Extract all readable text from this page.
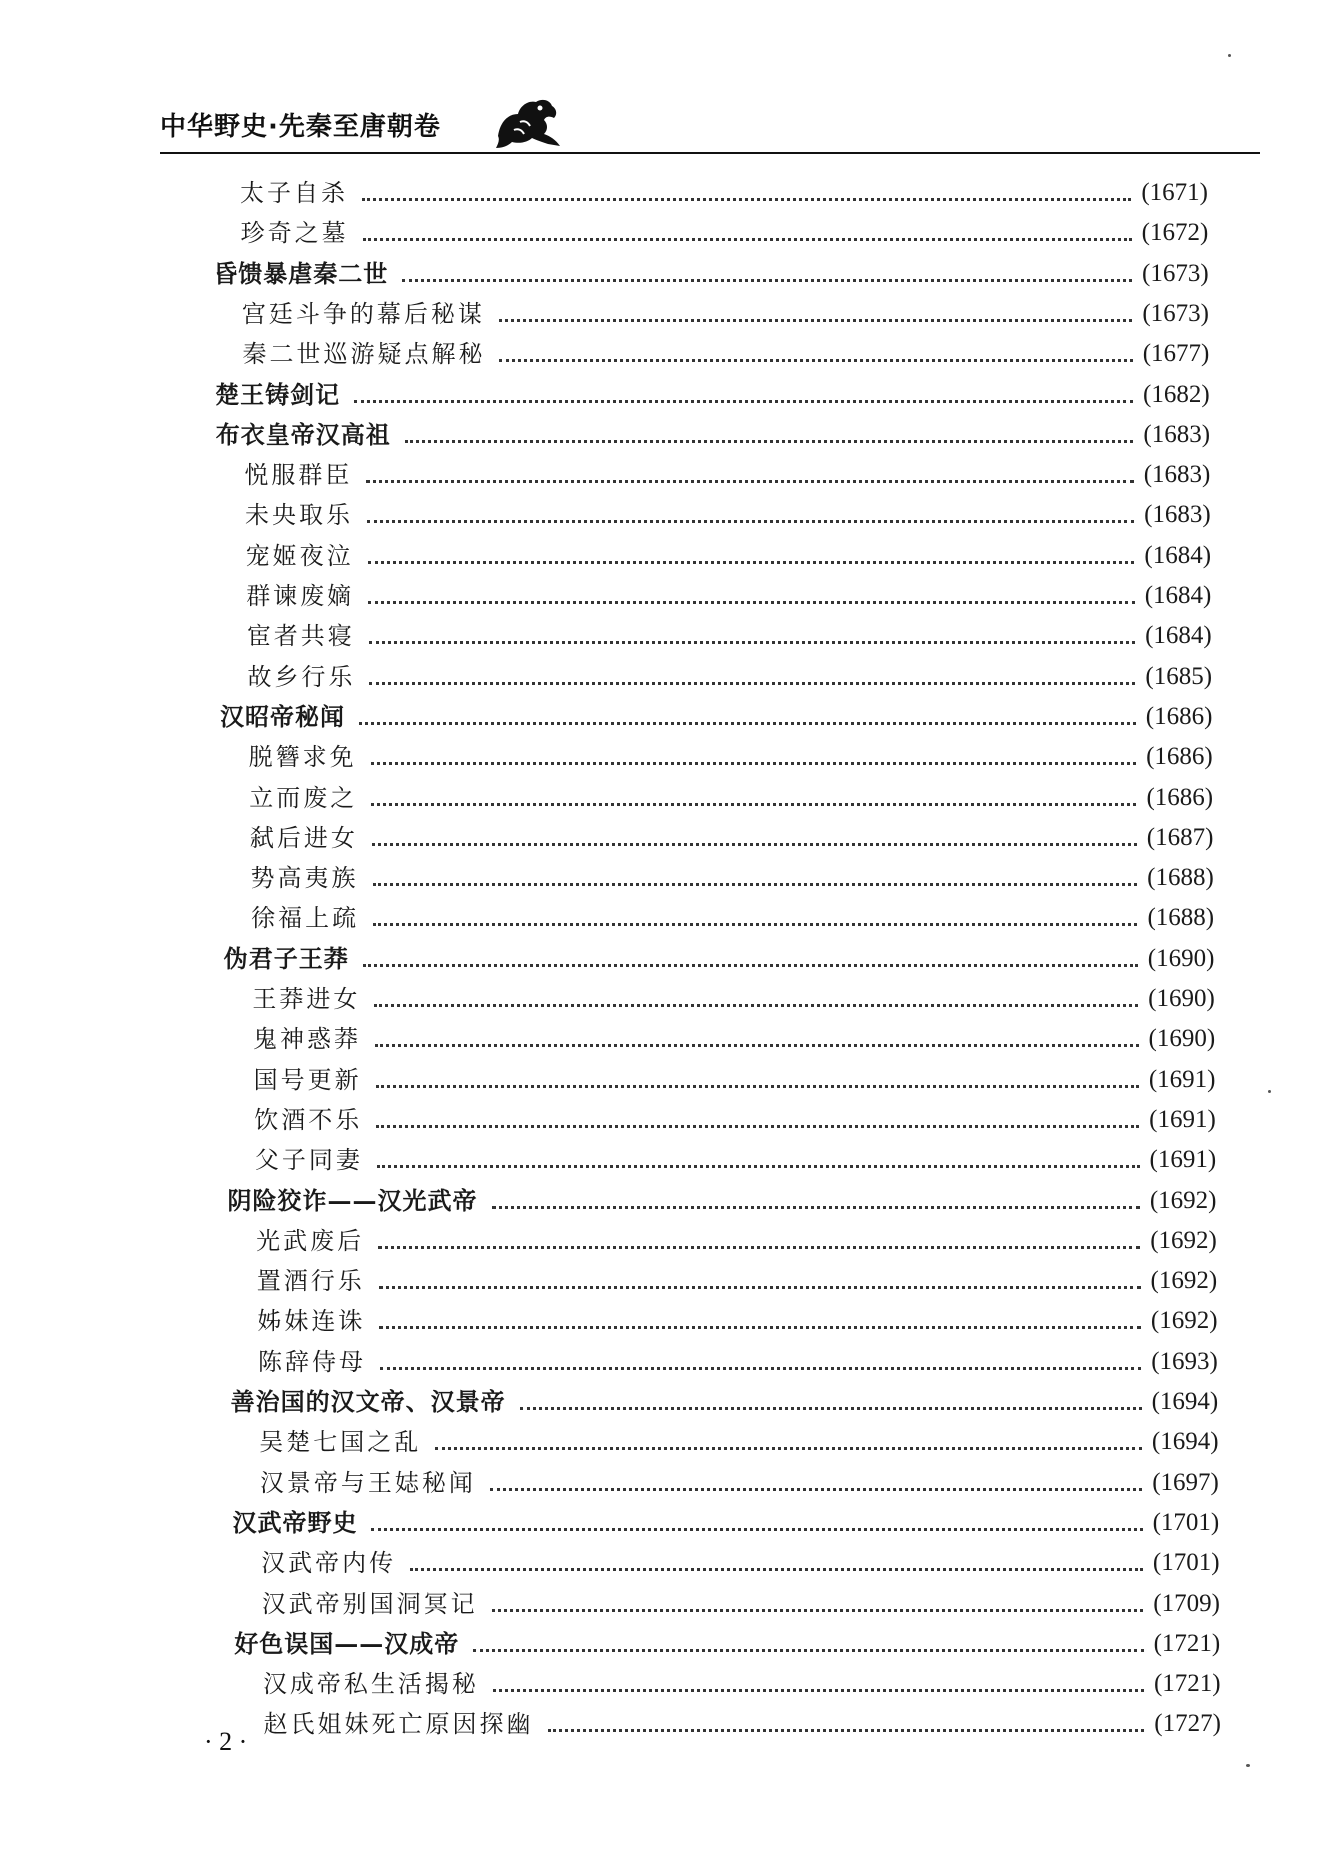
中华野史·先秦至唐朝卷
太子自杀	(1671)
珍奇之墓	(1672)
昏馈暴虐秦二世	(1673)
宫廷斗争的幕后秘谋	(1673)
秦二世巡游疑点解秘	(1677)
楚王铸剑记	(1682)
布衣皇帝汉高祖	(1683)
悦服群臣	(1683)
未央取乐	(1683)
宠姬夜泣	(1684)
群谏废嫡	(1684)
宦者共寝	(1684)
故乡行乐	(1685)
汉昭帝秘闻	(1686)
脱簪求免	(1686)
立而废之	(1686)
弑后进女	(1687)
势高夷族	(1688)
徐福上疏	(1688)
伪君子王莽	(1690)
王莽进女	(1690)
鬼神惑莽	(1690)
国号更新	(1691)
饮酒不乐	(1691)
父子同妻	(1691)
阴险狡诈——汉光武帝	(1692)
光武废后	(1692)
置酒行乐	(1692)
姊妹连诛	(1692)
陈辞侍母	(1693)
善治国的汉文帝、汉景帝	(1694)
吴楚七国之乱	(1694)
汉景帝与王娡秘闻	(1697)
汉武帝野史	(1701)
汉武帝内传	(1701)
汉武帝别国洞冥记	(1709)
好色误国——汉成帝	(1721)
汉成帝私生活揭秘	(1721)
赵氏姐妹死亡原因探幽	(1727)
· 2 ·
